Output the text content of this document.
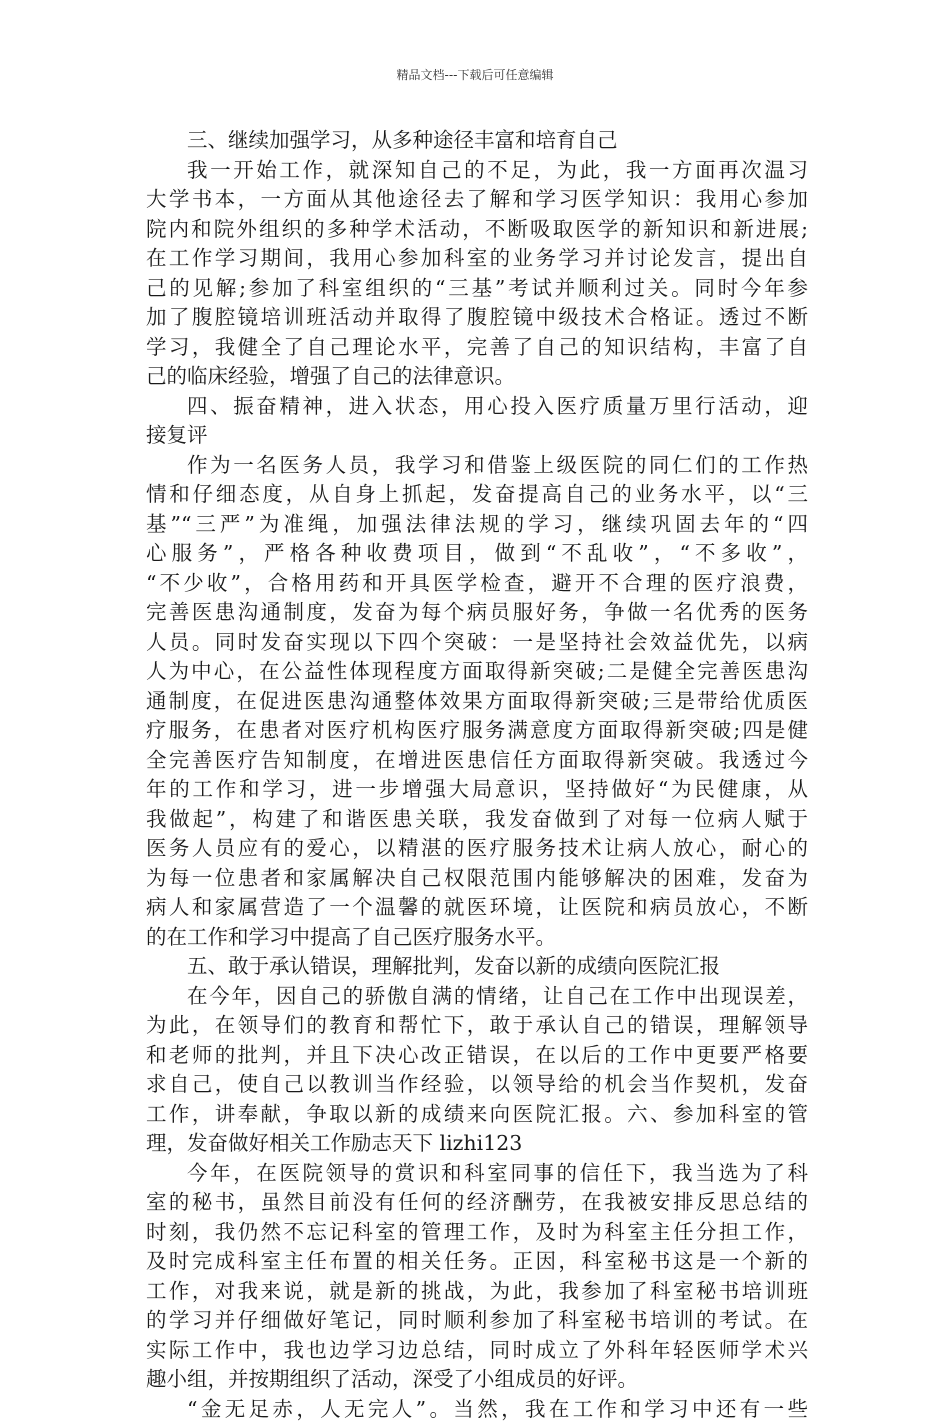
精品文档---下载后可任意编辑
三、继续加强学习，从多种途径丰富和培育自己
我一开始工作，就深知自己的不足，为此，我一方面再次温习
大学书本，一方面从其他途径去了解和学习医学知识：我用心参加
院内和院外组织的多种学术活动，不断吸取医学的新知识和新进展;
在工作学习期间，我用心参加科室的业务学习并讨论发言，提出自
己的见解;参加了科室组织的“三基”考试并顺利过关。同时今年参
加了腹腔镜培训班活动并取得了腹腔镜中级技术合格证。透过不断
学习，我健全了自己理论水平，完善了自己的知识结构，丰富了自
己的临床经验，增强了自己的法律意识。
四、振奋精神，进入状态，用心投入医疗质量万里行活动，迎
接复评
作为一名医务人员，我学习和借鉴上级医院的同仁们的工作热
情和仔细态度，从自身上抓起，发奋提高自己的业务水平，以“三
基”“三严”为准绳，加强法律法规的学习，继续巩固去年的“四
心服务”，严格各种收费项目，做到“不乱收”，“不多收”，
“不少收”，合格用药和开具医学检查，避开不合理的医疗浪费，
完善医患沟通制度，发奋为每个病员服好务，争做一名优秀的医务
人员。同时发奋实现以下四个突破：一是坚持社会效益优先，以病
人为中心，在公益性体现程度方面取得新突破;二是健全完善医患沟
通制度，在促进医患沟通整体效果方面取得新突破;三是带给优质医
疗服务，在患者对医疗机构医疗服务满意度方面取得新突破;四是健
全完善医疗告知制度，在增进医患信任方面取得新突破。我透过今
年的工作和学习，进一步增强大局意识，坚持做好“为民健康，从
我做起”，构建了和谐医患关联，我发奋做到了对每一位病人赋于
医务人员应有的爱心，以精湛的医疗服务技术让病人放心，耐心的
为每一位患者和家属解决自己权限范围内能够解决的困难，发奋为
病人和家属营造了一个温馨的就医环境，让医院和病员放心，不断
的在工作和学习中提高了自己医疗服务水平。
五、敢于承认错误，理解批判，发奋以新的成绩向医院汇报
在今年，因自己的骄傲自满的情绪，让自己在工作中出现误差，
为此，在领导们的教育和帮忙下，敢于承认自己的错误，理解领导
和老师的批判，并且下决心改正错误，在以后的工作中更要严格要
求自己，使自己以教训当作经验，以领导给的机会当作契机，发奋
工作，讲奉献，争取以新的成绩来向医院汇报。六、参加科室的管
理，发奋做好相关工作励志天下 lizhi123
今年，在医院领导的赏识和科室同事的信任下，我当选为了科
室的秘书，虽然目前没有任何的经济酬劳，在我被安排反思总结的
时刻，我仍然不忘记科室的管理工作，及时为科室主任分担工作，
及时完成科室主任布置的相关任务。正因，科室秘书这是一个新的
工作，对我来说，就是新的挑战，为此，我参加了科室秘书培训班
的学习并仔细做好笔记，同时顺利参加了科室秘书培训的考试。在
实际工作中，我也边学习边总结，同时成立了外科年轻医师学术兴
趣小组，并按期组织了活动，深受了小组成员的好评。
“金无足赤，人无完人”。当然，我在工作和学习中还有一些
